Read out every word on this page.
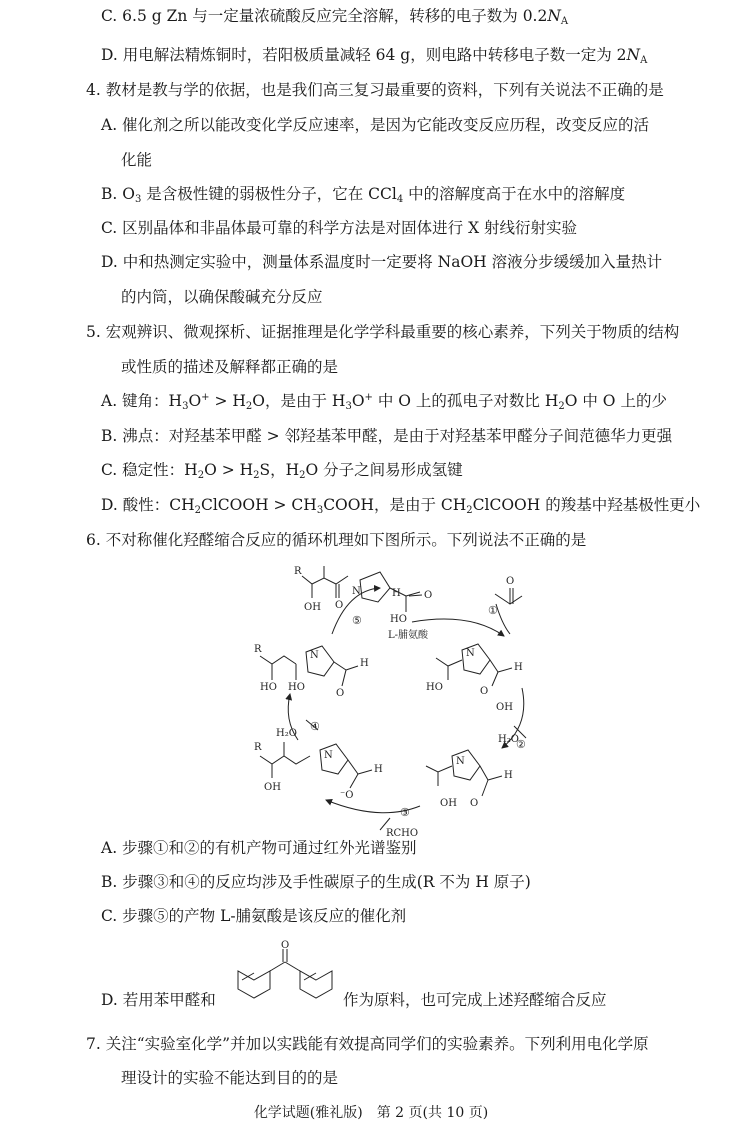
C. 6.5 g Zn 与一定量浓硫酸反应完全溶解，转移的电子数为 $0.2N_A$
D. 用电解法精炼铜时，若阳极质量减轻 64 g，则电路中转移电子数一定为 $2N_A$
4. 教材是教与学的依据，也是我们高三复习最重要的资料，下列有关说法不正确的是
A. 催化剂之所以能改变化学反应速率，是因为它能改变反应历程，改变反应的活
化能
B. $O_3$ 是含极性键的弱极性分子，它在 CCl$_4$ 中的溶解度高于在水中的溶解度
C. 区别晶体和非晶体最可靠的科学方法是对固体进行 X 射线衍射实验
D. 中和热测定实验中，测量体系温度时一定要将 NaOH 溶液分步缓缓加入量热计
的内筒，以确保酸碱充分反应
5. 宏观辨识、微观探析、证据推理是化学学科最重要的核心素养，下列关于物质的结构
或性质的描述及解释都正确的是
A. 键角：$H_3O^+ > H_2O$，是由于 $H_3O^+$ 中 O 上的孤电子对数比 $H_2O$ 中 O 上的少
B. 沸点：对羟基苯甲醛 > 邻羟基苯甲醛，是由于对羟基苯甲醛分子间范德华力更强
C. 稳定性：$H_2O > H_2S$，$H_2O$ 分子之间易形成氢键
D. 酸性：$CH_2ClCOOH$ > $CH_3COOH$，是由于 $CH_2ClCOOH$ 的羧基中羟基极性更小
6. 不对称催化羟醛缩合反应的循环机理如下图所示。下列说法不正确的是
R
OH O
N	H O
HO
L-脯氨酸
O
①
N
H
O
HO
OH
②
H₂O
N
H
O
OH
③
RCHO
R
OH
N
H
⁻O
④
H₂O
R
HO HO
N
H
O
⑤
A. 步骤①和②的有机产物可通过红外光谱鉴别
B. 步骤③和④的反应均涉及手性碳原子的生成(R 不为 H 原子)
C. 步骤⑤的产物 L-脯氨酸是该反应的催化剂
O
D. 若用苯甲醛和	作为原料，也可完成上述羟醛缩合反应
7. 关注“实验室化学”并加以实践能有效提高同学们的实验素养。下列利用电化学原
理设计的实验不能达到目的的是
化学试题(雅礼版)　第 2 页(共 10 页)
